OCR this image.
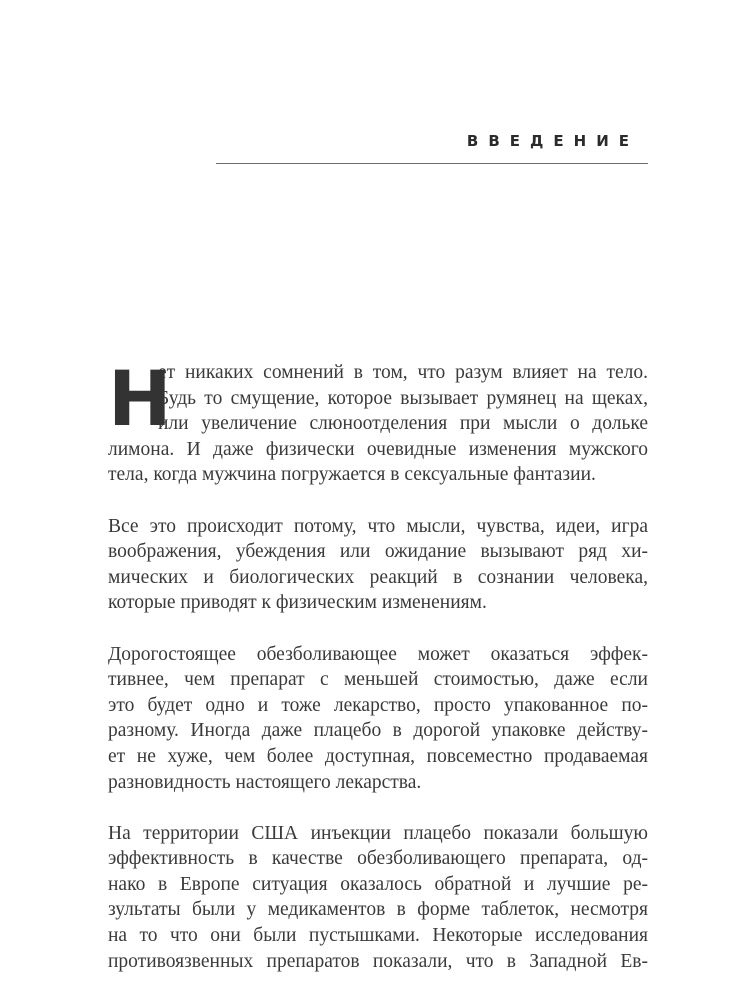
ВВЕДЕНИЕ
Н
ет никаких сомнений в том, что разум влияет на тело.
Будь то смущение, которое вызывает румянец на щеках,
или увеличение слюноотделения при мысли о дольке
лимона. И даже физически очевидные изменения мужского
тела, когда мужчина погружается в сексуальные фантазии.
Все это происходит потому, что мысли, чувства, идеи, игра
воображения, убеждения или ожидание вызывают ряд хи-
мических и биологических реакций в сознании человека,
которые приводят к физическим изменениям.
Дорогостоящее обезболивающее может оказаться эффек-
тивнее, чем препарат с меньшей стоимостью, даже если
это будет одно и тоже лекарство, просто упакованное по-
разному. Иногда даже плацебо в дорогой упаковке действу-
ет не хуже, чем более доступная, повсеместно продаваемая
разновидность настоящего лекарства.
На территории США инъекции плацебо показали большую
эффективность в качестве обезболивающего препарата, од-
нако в Европе ситуация оказалось обратной и лучшие ре-
зультаты были у медикаментов в форме таблеток, несмотря
на то что они были пустышками. Некоторые исследования
противоязвенных препаратов показали, что в Западной Ев-
